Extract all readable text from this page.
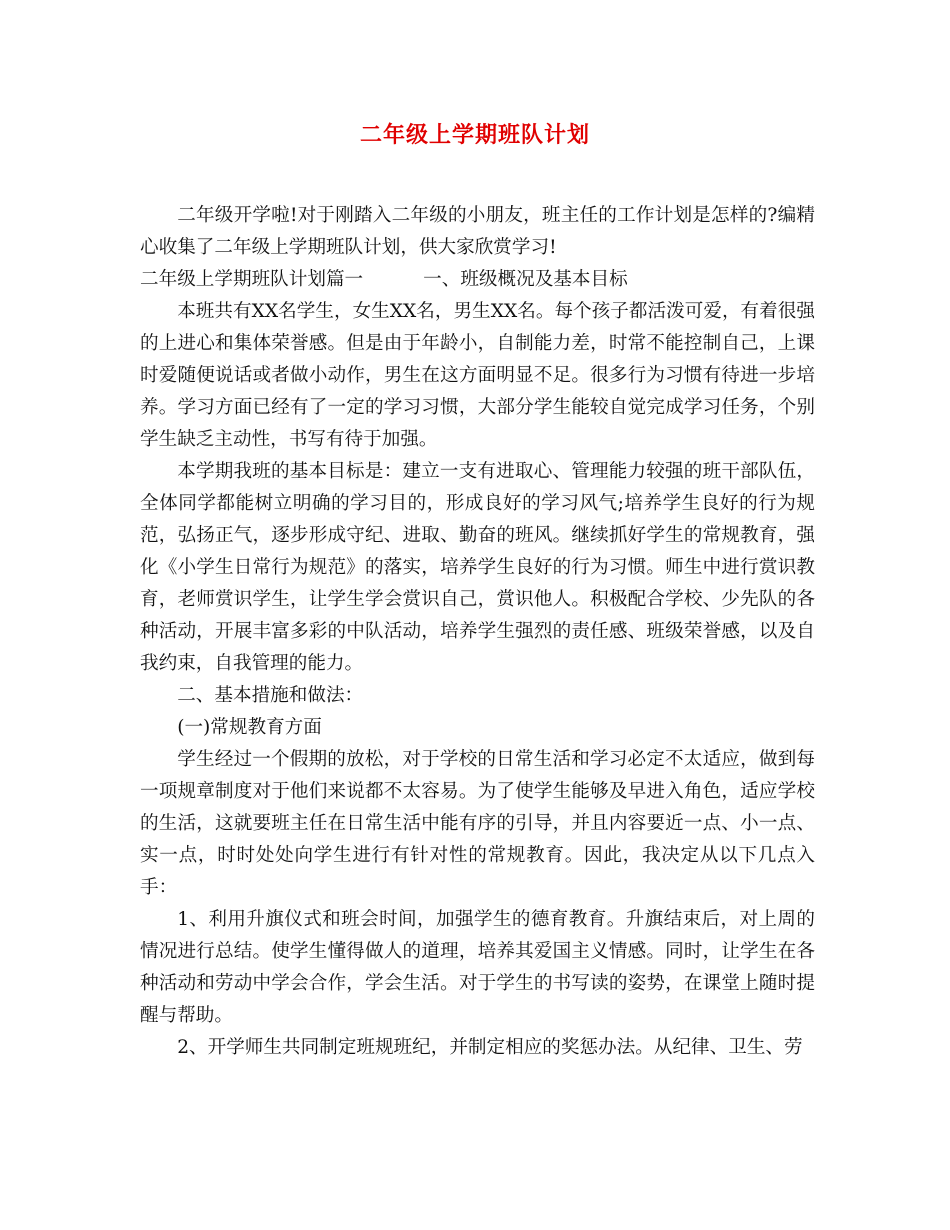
二年级上学期班队计划

二年级开学啦!对于刚踏入二年级的小朋友，班主任的工作计划是怎样的?编精心收集了二年级上学期班队计划，供大家欣赏学习!

二年级上学期班队计划篇一	一、班级概况及基本目标

本班共有XX名学生，女生XX名，男生XX名。每个孩子都活泼可爱，有着很强的上进心和集体荣誉感。但是由于年龄小，自制能力差，时常不能控制自己，上课时爱随便说话或者做小动作，男生在这方面明显不足。很多行为习惯有待进一步培养。学习方面已经有了一定的学习习惯，大部分学生能较自觉完成学习任务，个别学生缺乏主动性，书写有待于加强。

本学期我班的基本目标是：建立一支有进取心、管理能力较强的班干部队伍，全体同学都能树立明确的学习目的，形成良好的学习风气;培养学生良好的行为规范，弘扬正气，逐步形成守纪、进取、勤奋的班风。继续抓好学生的常规教育，强化《小学生日常行为规范》的落实，培养学生良好的行为习惯。师生中进行赏识教育，老师赏识学生，让学生学会赏识自己，赏识他人。积极配合学校、少先队的各种活动，开展丰富多彩的中队活动，培养学生强烈的责任感、班级荣誉感，以及自我约束，自我管理的能力。

二、基本措施和做法：

(一)常规教育方面

学生经过一个假期的放松，对于学校的日常生活和学习必定不太适应，做到每一项规章制度对于他们来说都不太容易。为了使学生能够及早进入角色，适应学校的生活，这就要班主任在日常生活中能有序的引导，并且内容要近一点、小一点、实一点，时时处处向学生进行有针对性的常规教育。因此，我决定从以下几点入手：

1、利用升旗仪式和班会时间，加强学生的德育教育。升旗结束后，对上周的情况进行总结。使学生懂得做人的道理，培养其爱国主义情感。同时，让学生在各种活动和劳动中学会合作，学会生活。对于学生的书写读的姿势，在课堂上随时提醒与帮助。

2、开学师生共同制定班规班纪，并制定相应的奖惩办法。从纪律、卫生、劳
